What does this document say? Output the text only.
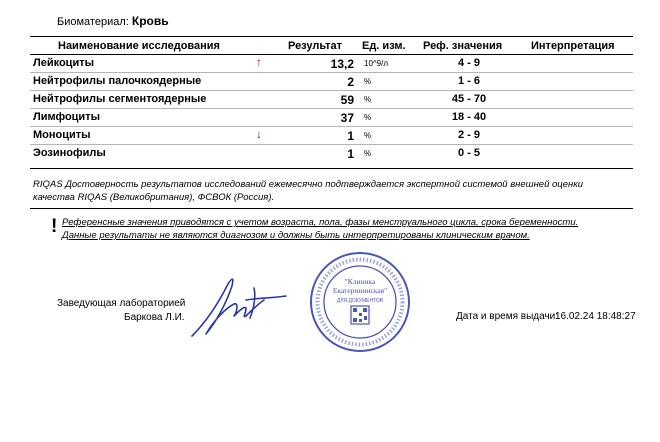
Биоматериал: Кровь
Наименование исследования	Результат Ед. изм. Реф. значения	Интерпретация
Лейкоциты	↑	13,2 10^9/л	4 - 9
Нейтрофилы палочкоядерные	2 %	1 - 6
Нейтрофилы сегментоядерные	59 %	45 - 70
Лимфоциты	37 %	18 - 40
Моноциты	↓	1 %	2 - 9
Эозинофилы	1 %	0 - 5
RIQAS Достоверность результатов исследований ежемесячно подтверждается экспертной системой внешней оценки
качества RIQAS (Великобритания), ФСВОК (Россия).
! Референсные значения приводятся с учетом возраста, пола, фазы менструального цикла, срока беременности.
Данные результаты не являются диагнозом и должны быть интерпретированы клиническим врачом.
Заведующая лабораторией
Баркова Л.И.
"Клиника
Екатерининская"
ДЛЯ ДОКУМЕНТОВ
Дата и время выдачи:
16.02.24 18:48:27
